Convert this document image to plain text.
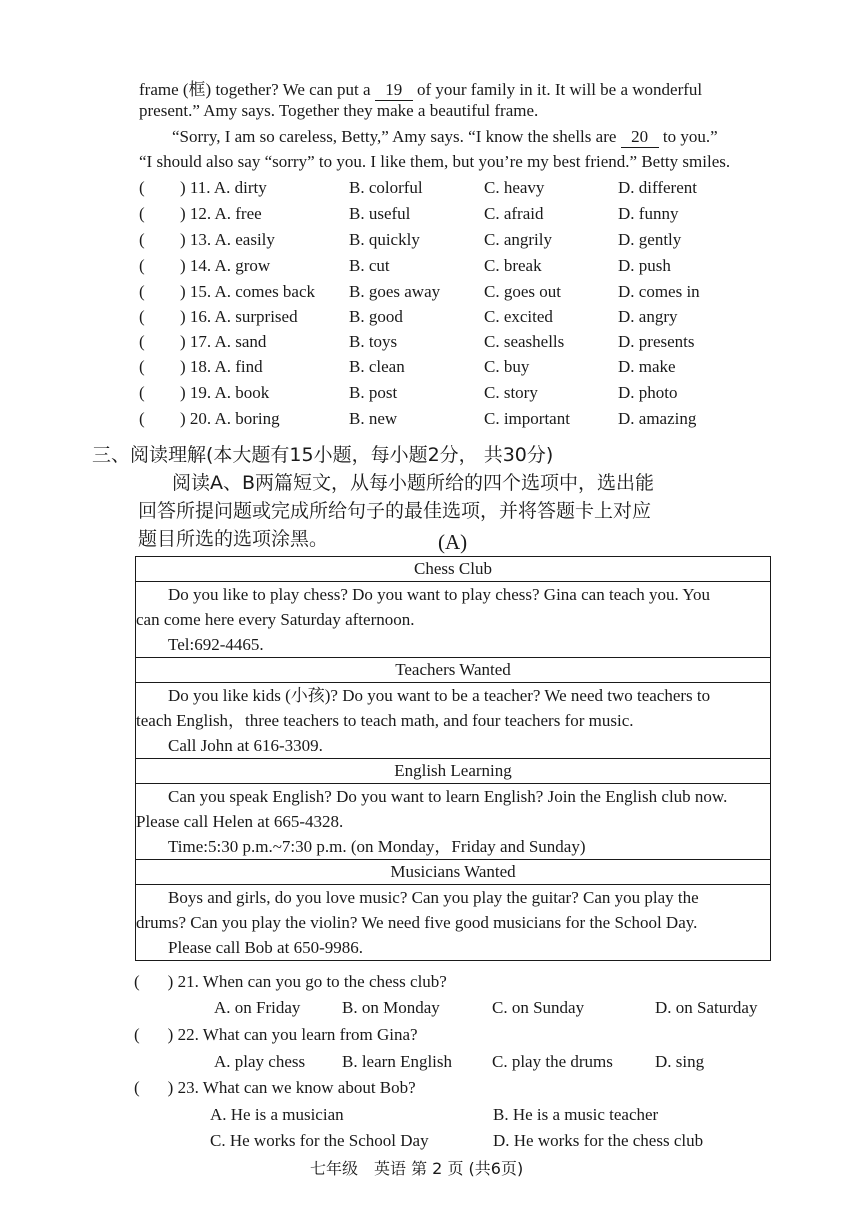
frame (框) together? We can put a 19 of your family in it. It will be a wonderful
present.” Amy says. Together they make a beautiful frame.
“Sorry, I am so careless, Betty,” Amy says. “I know the shells are 20 to you.”
“I should also say “sorry” to you. I like them, but you’re my best friend.” Betty smiles.
( ) 11. A. dirty	B. colorful	C. heavy	D. different
( ) 12. A. free	B. useful	C. afraid	D. funny
( ) 13. A. easily	B. quickly	C. angrily	D. gently
( ) 14. A. grow	B. cut	C. break	D. push
( ) 15. A. comes back B. goes away	C. goes out	D. comes in
( ) 16. A. surprised	B. good	C. excited	D. angry
( ) 17. A. sand	B. toys	C. seashells	D. presents
( ) 18. A. find	B. clean	C. buy	D. make
( ) 19. A. book	B. post	C. story	D. photo
( ) 20. A. boring	B. new	C. important	D. amazing
三、阅读理解(本大题有15小题，每小题2分， 共30分)
阅读A、B两篇短文，从每小题所给的四个选项中，选出能
回答所提问题或完成所给句子的最佳选项，并将答题卡上对应
题目所选的选项涂黑。	(A)
Chess Club

Do you like to play chess? Do you want to play chess? Gina can teach you. You
can come here every Saturday afternoon.
Tel:692-4465.

Teachers Wanted

Do you like kids (小孩)? Do you want to be a teacher? We need two teachers to
teach English，three teachers to teach math, and four teachers for music.
Call John at 616-3309.

English Learning

Can you speak English? Do you want to learn English? Join the English club now.
Please call Helen at 665-4328.
Time:5:30 p.m.~7:30 p.m. (on Monday，Friday and Sunday)

Musicians Wanted

Boys and girls, do you love music? Can you play the guitar? Can you play the
drums? Can you play the violin? We need five good musicians for the School Day.
Please call Bob at 650-9986.
( ) 21. When can you go to the chess club?
A. on Friday B. on Monday	C. on Sunday	D. on Saturday
( ) 22. What can you learn from Gina?
A. play chess B. learn English C. play the drums D. sing
( ) 23. What can we know about Bob?
A. He is a musician	B. He is a music teacher
C. He works for the School Day	D. He works for the chess club
七年级　英语 第 2 页 (共6页)
